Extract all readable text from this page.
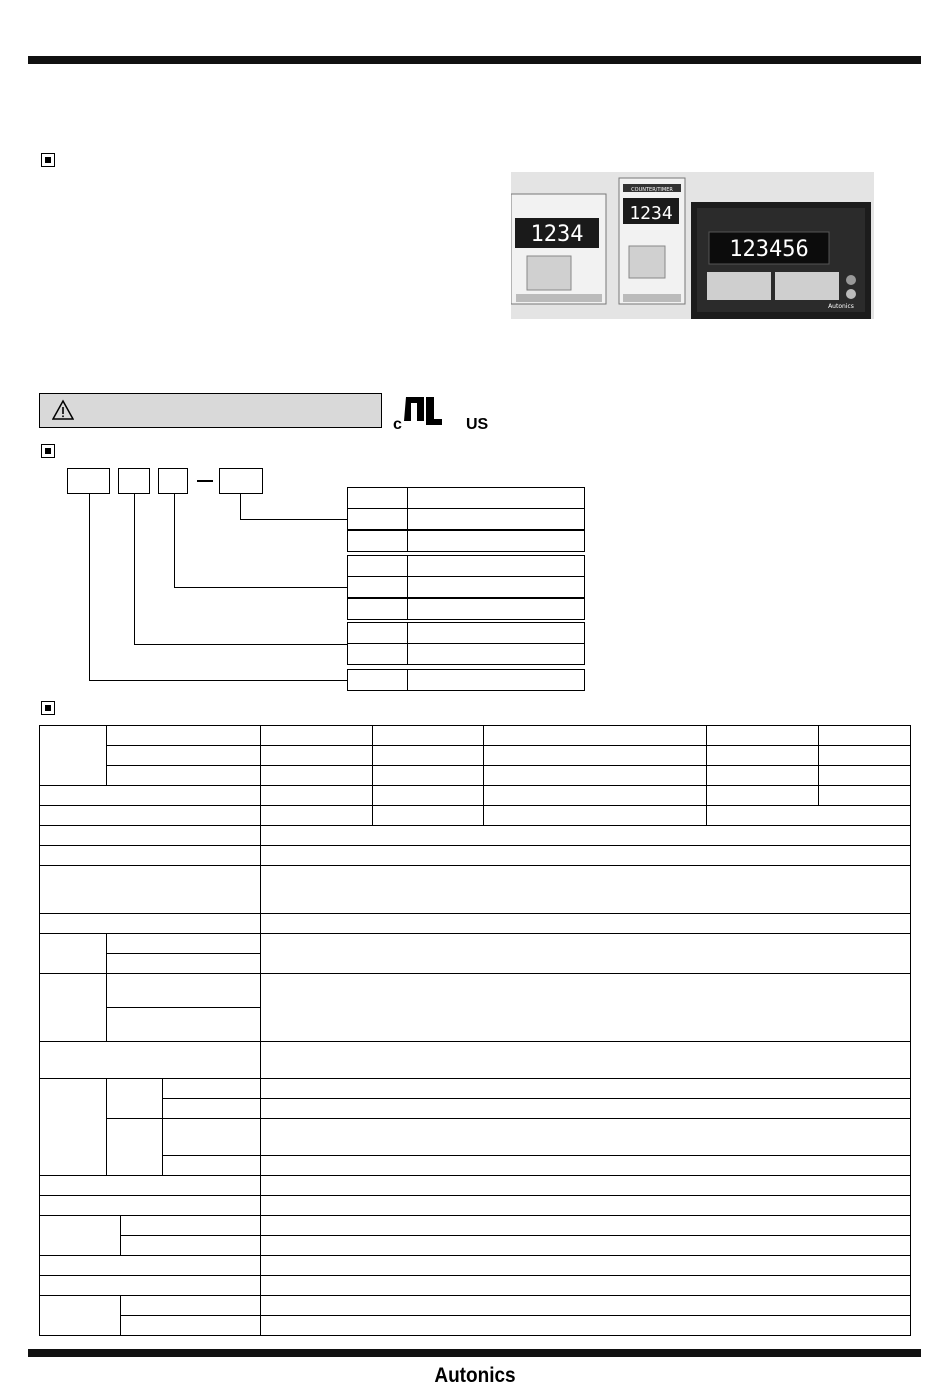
1234
COUNTER/TIMER
1234
123456
Autonics
c	US

Autonics
